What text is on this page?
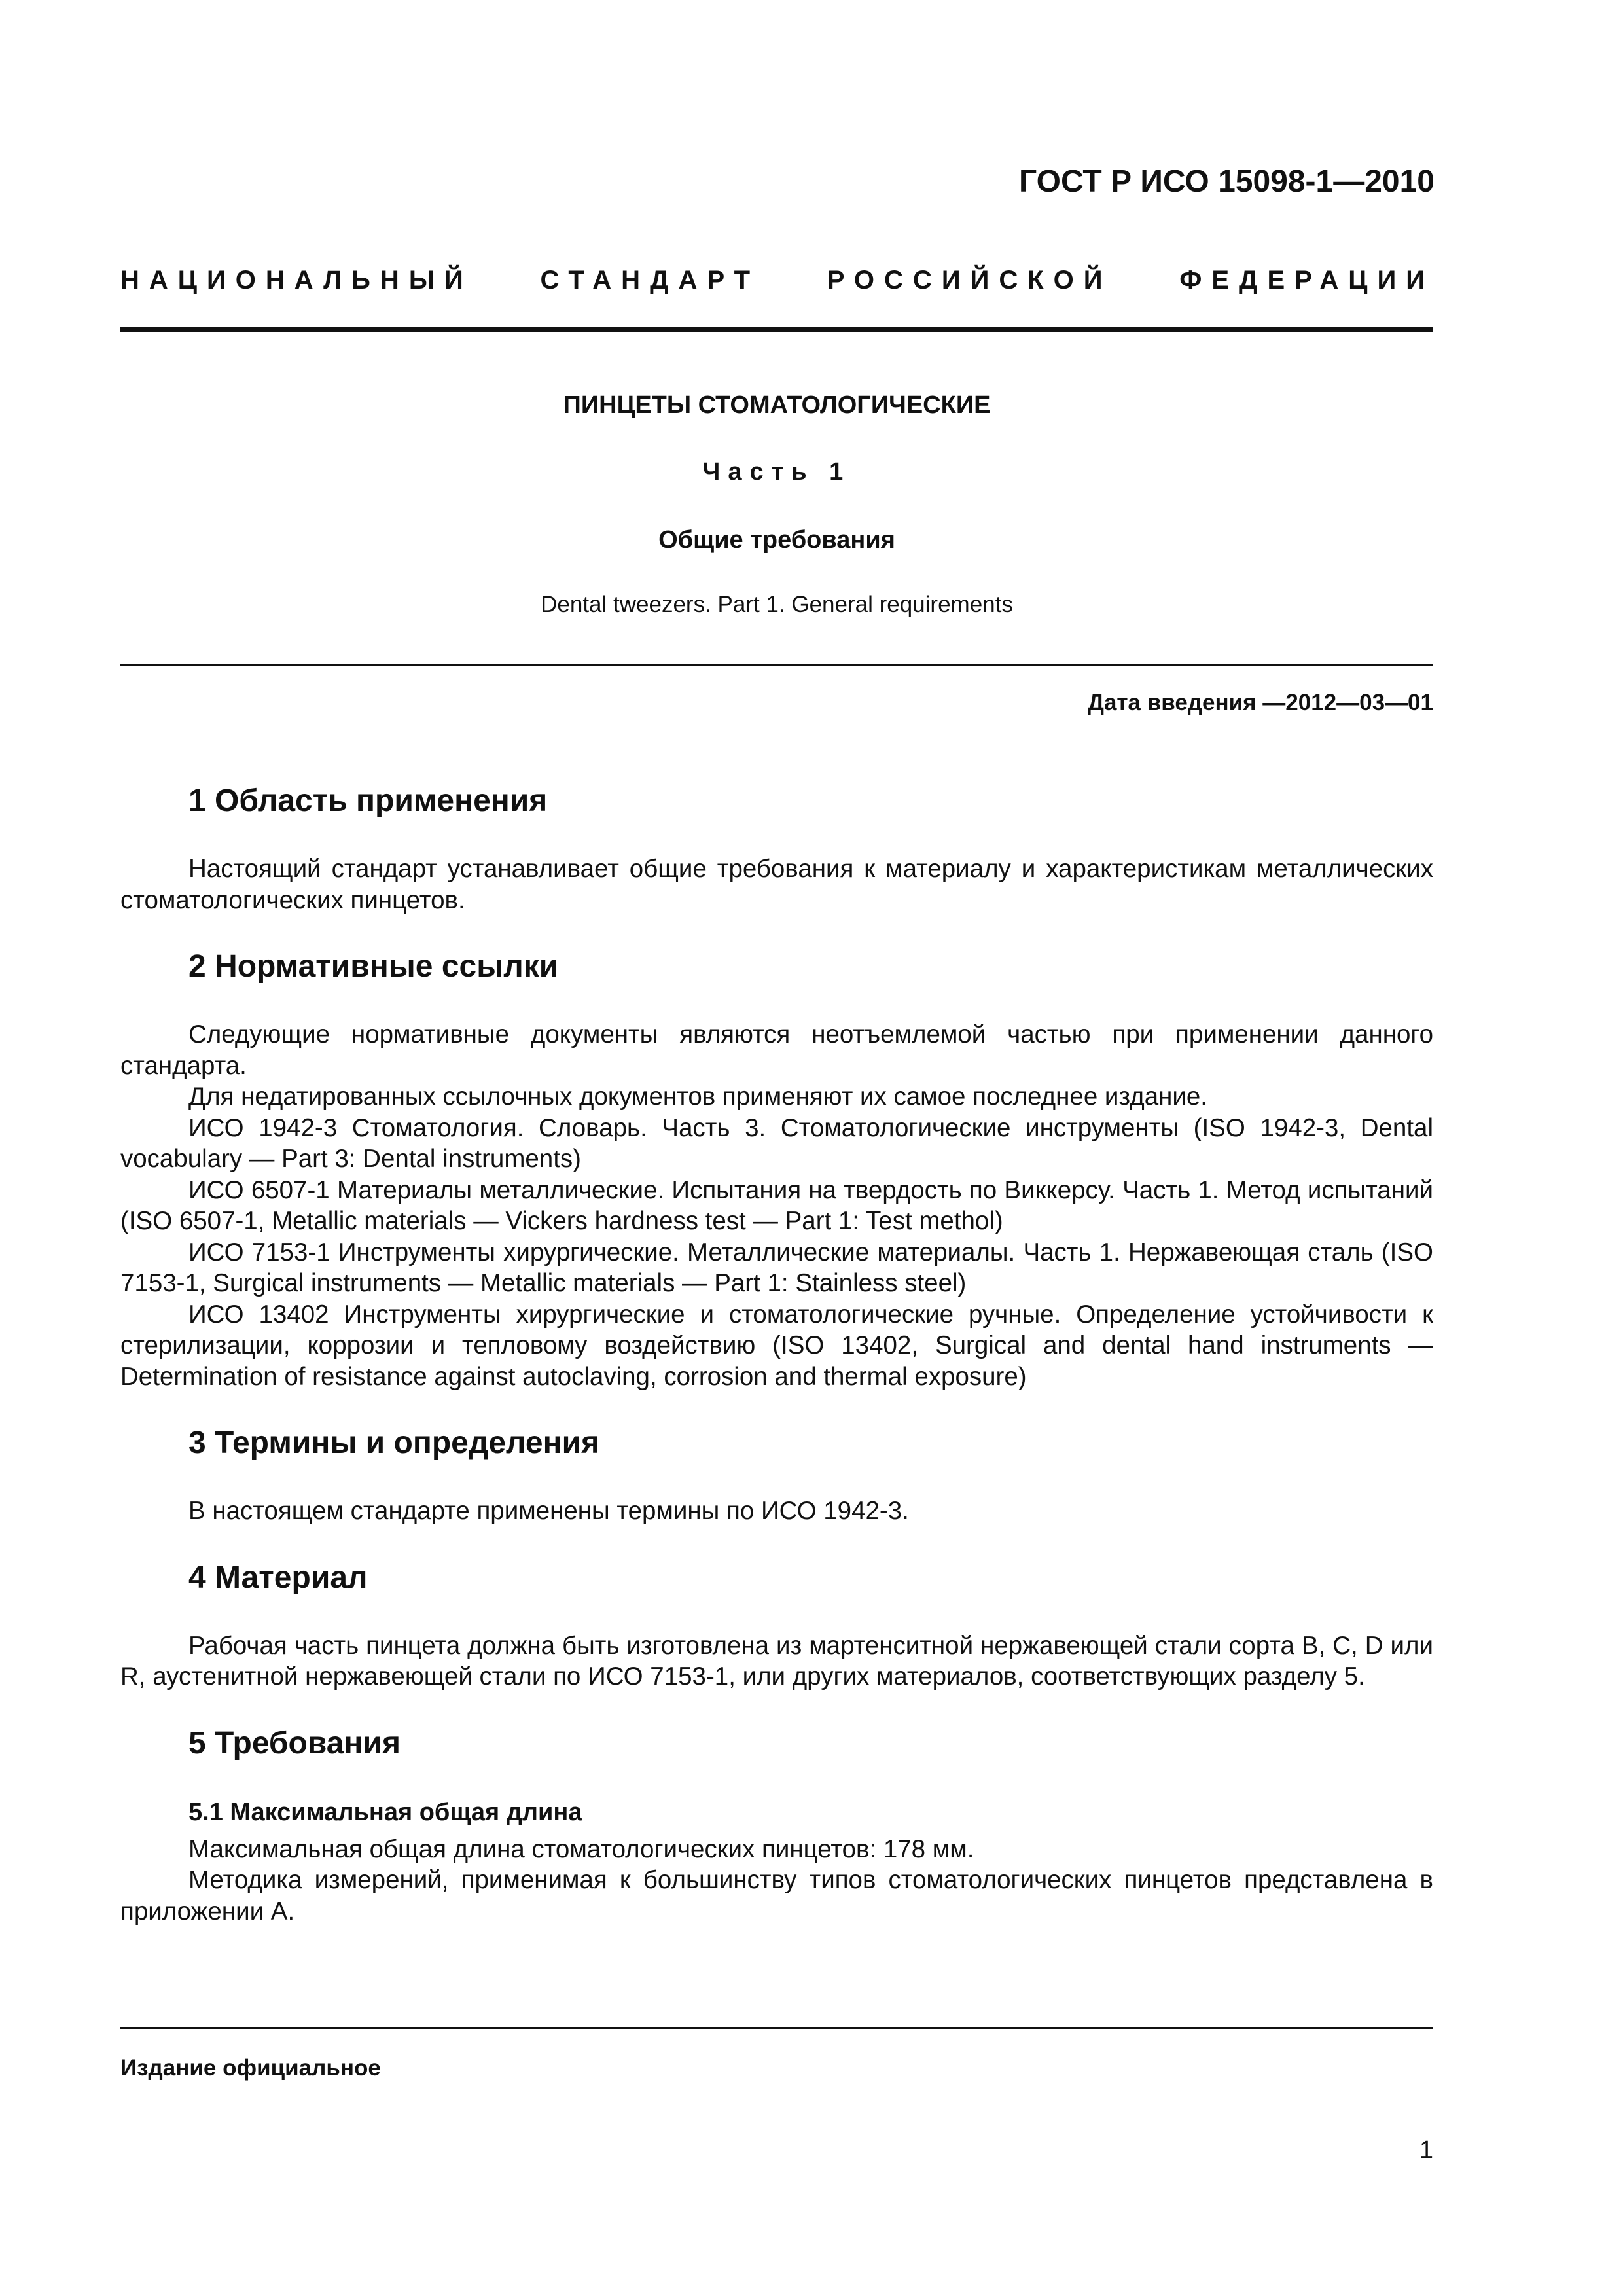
ГОСТ Р ИСО 15098-1—2010
НАЦИОНАЛЬНЫЙ	СТАНДАРТ	РОССИЙСКОЙ	ФЕДЕРАЦИИ
ПИНЦЕТЫ СТОМАТОЛОГИЧЕСКИЕ
Часть 1
Общие требования
Dental tweezers. Part 1. General requirements
Дата введения —2012—03—01
1 Область применения

Настоящий стандарт устанавливает общие требования к материалу и характеристикам металлических стоматологических пинцетов.

2 Нормативные ссылки

Следующие нормативные документы являются неотъемлемой частью при применении данного стандарта.

Для недатированных ссылочных документов применяют их самое последнее издание.

ИСО 1942-3 Стоматология. Словарь. Часть 3. Стоматологические инструменты (ISO 1942-3, Dental vocabulary — Part 3: Dental instruments)

ИСО 6507-1 Материалы металлические. Испытания на твердость по Виккерсу. Часть 1. Метод испытаний (ISO 6507-1, Metallic materials — Vickers hardness test — Part 1: Test methol)

ИСО 7153-1 Инструменты хирургические. Металлические материалы. Часть 1. Нержавеющая сталь (ISO 7153-1, Surgical instruments — Metallic materials — Part 1: Stainless steel)

ИСО 13402 Инструменты хирургические и стоматологические ручные. Определение устойчивости к стерилизации, коррозии и тепловому воздействию (ISO 13402, Surgical and dental hand instruments — Determination of resistance against autoclaving, corrosion and thermal exposure)

3 Термины и определения

В настоящем стандарте применены термины по ИСО 1942-3.

4 Материал

Рабочая часть пинцета должна быть изготовлена из мартенситной нержавеющей стали сорта В, С, D или R, аустенитной нержавеющей стали по ИСО 7153-1, или других материалов, соответствующих разделу 5.

5 Требования
5.1 Максимальная общая длина

Максимальная общая длина стоматологических пинцетов: 178 мм.

Методика измерений, применимая к большинству типов стоматологических пинцетов представлена в приложении А.

Издание официальное
1
